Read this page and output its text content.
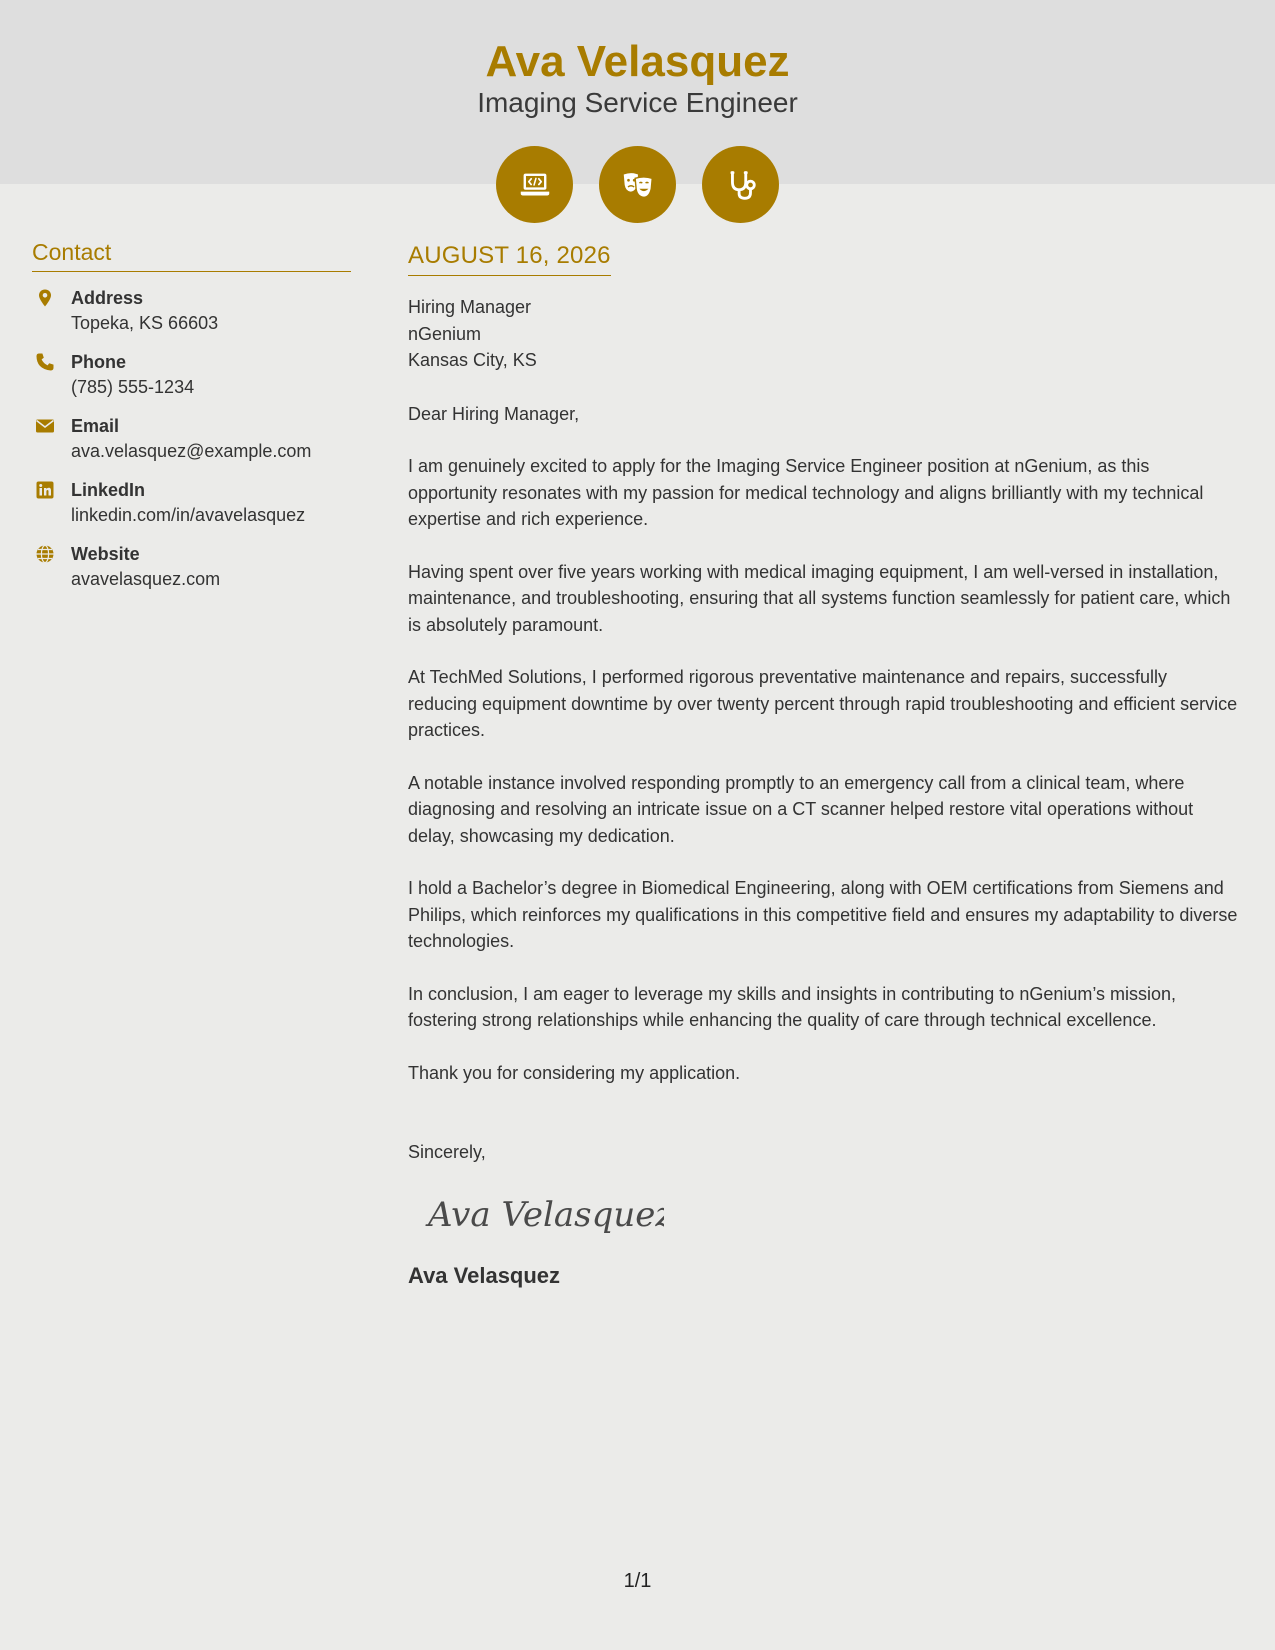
Ava Velasquez
Imaging Service Engineer
Contact
Address
Topeka, KS 66603
Phone
(785) 555-1234
Email
ava.velasquez@example.com
LinkedIn
linkedin.com/in/avavelasquez
Website
avavelasquez.com
AUGUST 16, 2026
Hiring Manager
nGenium
Kansas City, KS
Dear Hiring Manager,

I am genuinely excited to apply for the Imaging Service Engineer position at nGenium, as this opportunity resonates with my passion for medical technology and aligns brilliantly with my technical expertise and rich experience.

Having spent over five years working with medical imaging equipment, I am well-versed in installation, maintenance, and troubleshooting, ensuring that all systems function seamlessly for patient care, which is absolutely paramount.

At TechMed Solutions, I performed rigorous preventative maintenance and repairs, successfully reducing equipment downtime by over twenty percent through rapid troubleshooting and efficient service practices.

A notable instance involved responding promptly to an emergency call from a clinical team, where diagnosing and resolving an intricate issue on a CT scanner helped restore vital operations without delay, showcasing my dedication.

I hold a Bachelor’s degree in Biomedical Engineering, along with OEM certifications from Siemens and Philips, which reinforces my qualifications in this competitive field and ensures my adaptability to diverse technologies.

In conclusion, I am eager to leverage my skills and insights in contributing to nGenium’s mission, fostering strong relationships while enhancing the quality of care through technical excellence.

Thank you for considering my application.

Sincerely,
Ava Velasquez
Ava Velasquez
1/1
